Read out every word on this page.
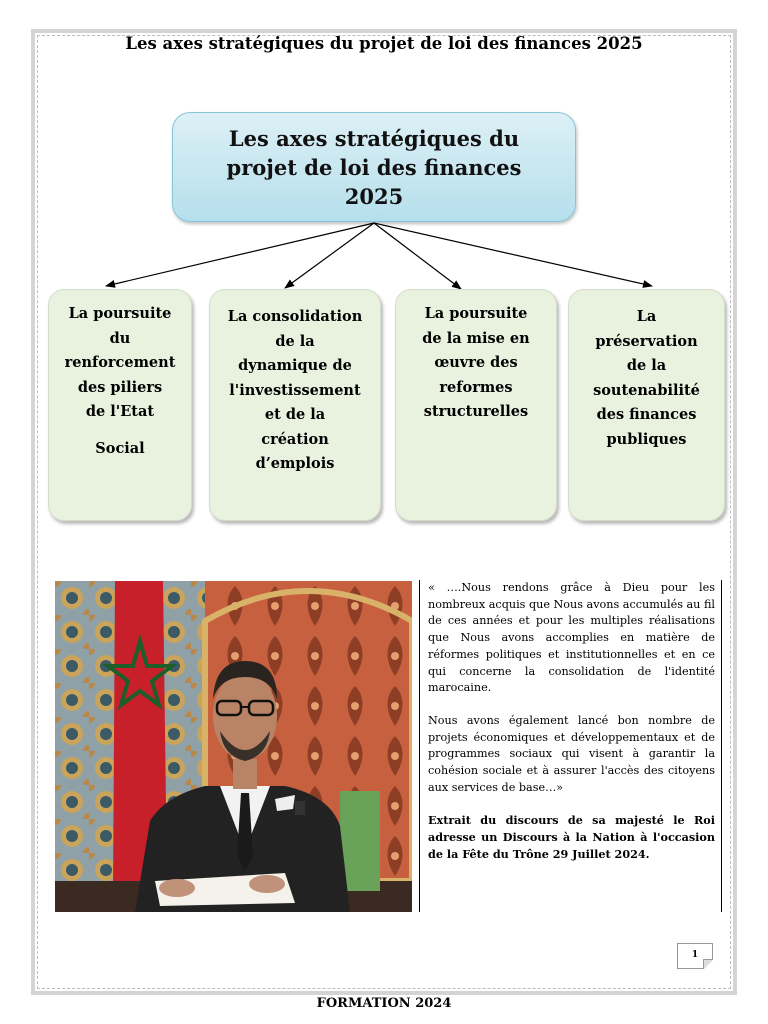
Les axes stratégiques du projet de loi des finances 2025
Les axes stratégiques du
projet de loi des finances 2025
La poursuite
du
renforcement
des piliers
de l'Etat
Social
La consolidation
de la
dynamique de
l'investissement
et de la
création
d’emplois
La poursuite
de la mise en
œuvre des
reformes
structurelles
La
préservation
de la
soutenabilité
des finances
publiques

« ….Nous rendons grâce à Dieu pour les nombreux acquis que Nous avons accumulés au fil de ces années et pour les multiples réalisations que Nous avons accomplies en matière de réformes politiques et institutionnelles et en ce qui concerne la consolidation de l'identité marocaine.

Nous avons également lancé bon nombre de projets économiques et développementaux et de programmes sociaux qui visent à garantir la cohésion sociale et à assurer l'accès des citoyens aux services de base…»

Extrait du discours de sa majesté le Roi adresse un Discours à la Nation à l'occasion de la Fête du Trône 29 Juillet 2024.

1
FORMATION 2024
